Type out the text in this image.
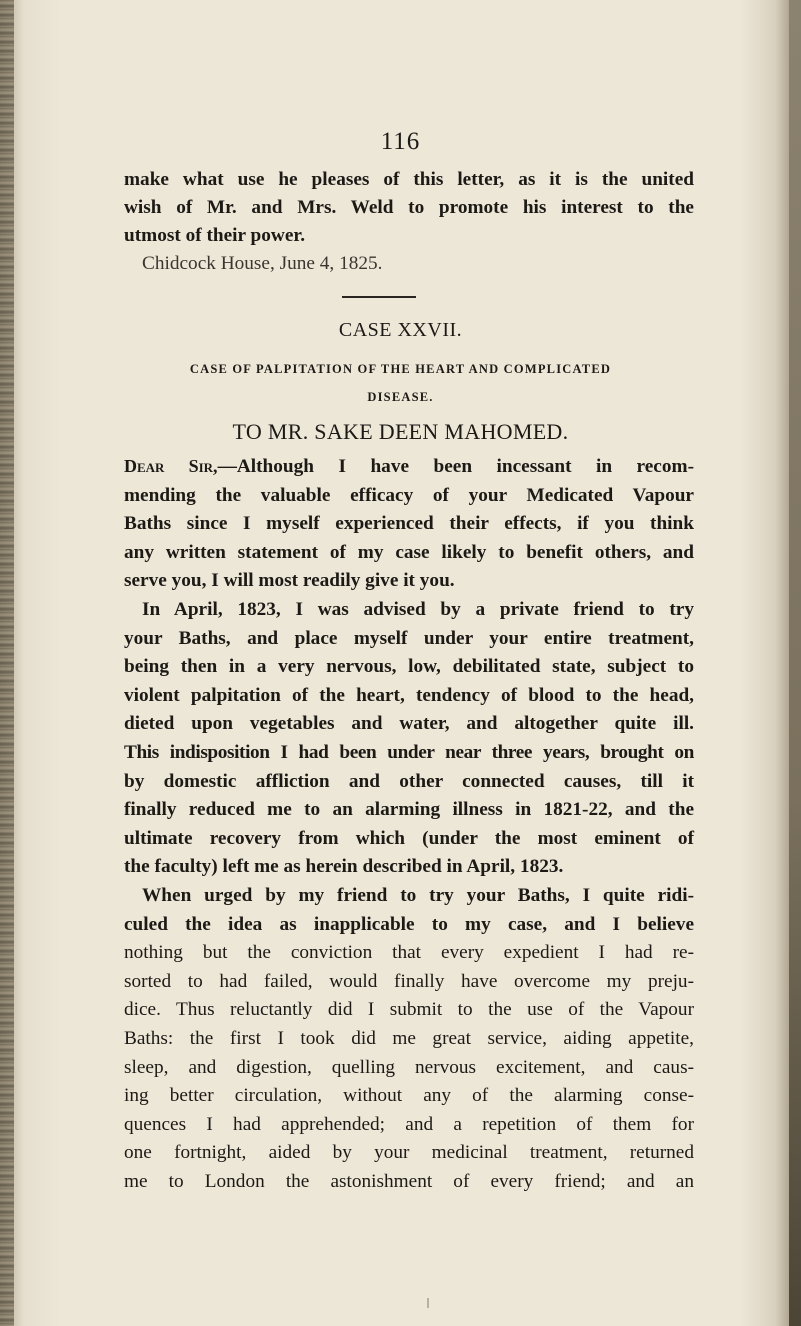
116
make what use he pleases of this letter, as it is the united
wish of Mr. and Mrs. Weld to promote his interest to the
utmost of their power.
Chidcock House, June 4, 1825.
CASE XXVII.
CASE OF PALPITATION OF THE HEART AND COMPLICATED
DISEASE.
TO MR. SAKE DEEN MAHOMED.
Dear Sir,—Although I have been incessant in recom-
mending the valuable efficacy of your Medicated Vapour
Baths since I myself experienced their effects, if you think
any written statement of my case likely to benefit others, and
serve you, I will most readily give it you.
In April, 1823, I was advised by a private friend to try
your Baths, and place myself under your entire treatment,
being then in a very nervous, low, debilitated state, subject to
violent palpitation of the heart, tendency of blood to the head,
dieted upon vegetables and water, and altogether quite ill.
This indisposition I had been under near three years, brought on
by domestic affliction and other connected causes, till it
finally reduced me to an alarming illness in 1821-22, and the
ultimate recovery from which (under the most eminent of
the faculty) left me as herein described in April, 1823.
When urged by my friend to try your Baths, I quite ridi-
culed the idea as inapplicable to my case, and I believe
nothing but the conviction that every expedient I had re-
sorted to had failed, would finally have overcome my preju-
dice. Thus reluctantly did I submit to the use of the Vapour
Baths: the first I took did me great service, aiding appetite,
sleep, and digestion, quelling nervous excitement, and caus-
ing better circulation, without any of the alarming conse-
quences I had apprehended; and a repetition of them for
one fortnight, aided by your medicinal treatment, returned
me to London the astonishment of every friend; and an
